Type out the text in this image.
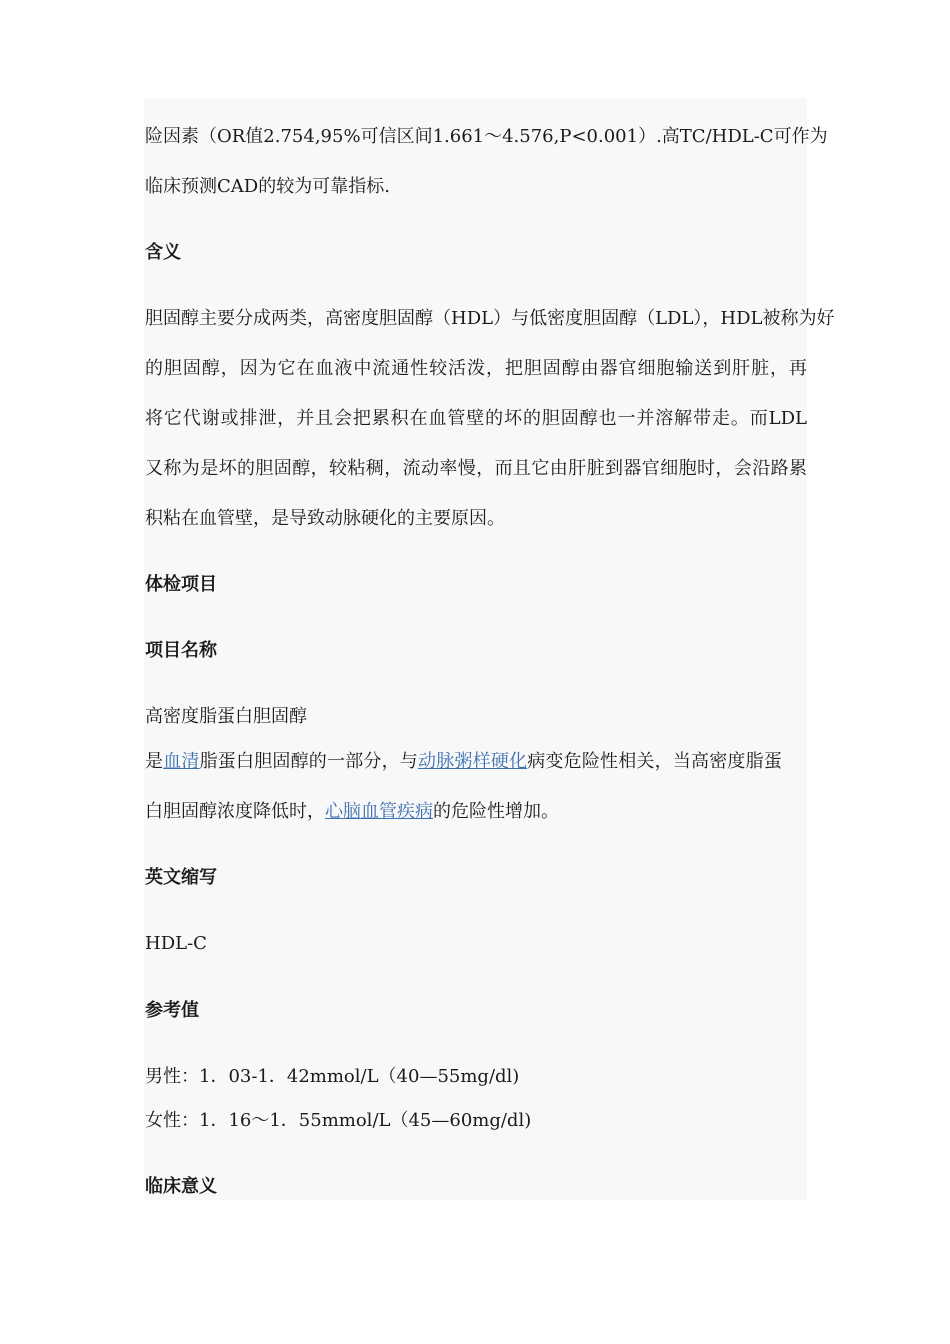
险因素（OR值2.754,95%可信区间1.661～4.576,P<0.001）.高TC/HDL-C可作为
临床预测CAD的较为可靠指标.
含义
胆固醇主要分成两类，高密度胆固醇（HDL）与低密度胆固醇（LDL），HDL被称为好
的胆固醇，因为它在血液中流通性较活泼，把胆固醇由器官细胞输送到肝脏，再
将它代谢或排泄，并且会把累积在血管壁的坏的胆固醇也一并溶解带走。而LDL
又称为是坏的胆固醇，较粘稠，流动率慢，而且它由肝脏到器官细胞时，会沿路累
积粘在血管壁，是导致动脉硬化的主要原因。
体检项目
项目名称
高密度脂蛋白胆固醇
是血清脂蛋白胆固醇的一部分，与动脉粥样硬化病变危险性相关，当高密度脂蛋
白胆固醇浓度降低时，心脑血管疾病的危险性增加。
英文缩写
HDL-C
参考值
男性：1．03-1．42mmol/L（40—55mg/dl)
女性：1．16～1．55mmol/L（45—60mg/dl)
临床意义
